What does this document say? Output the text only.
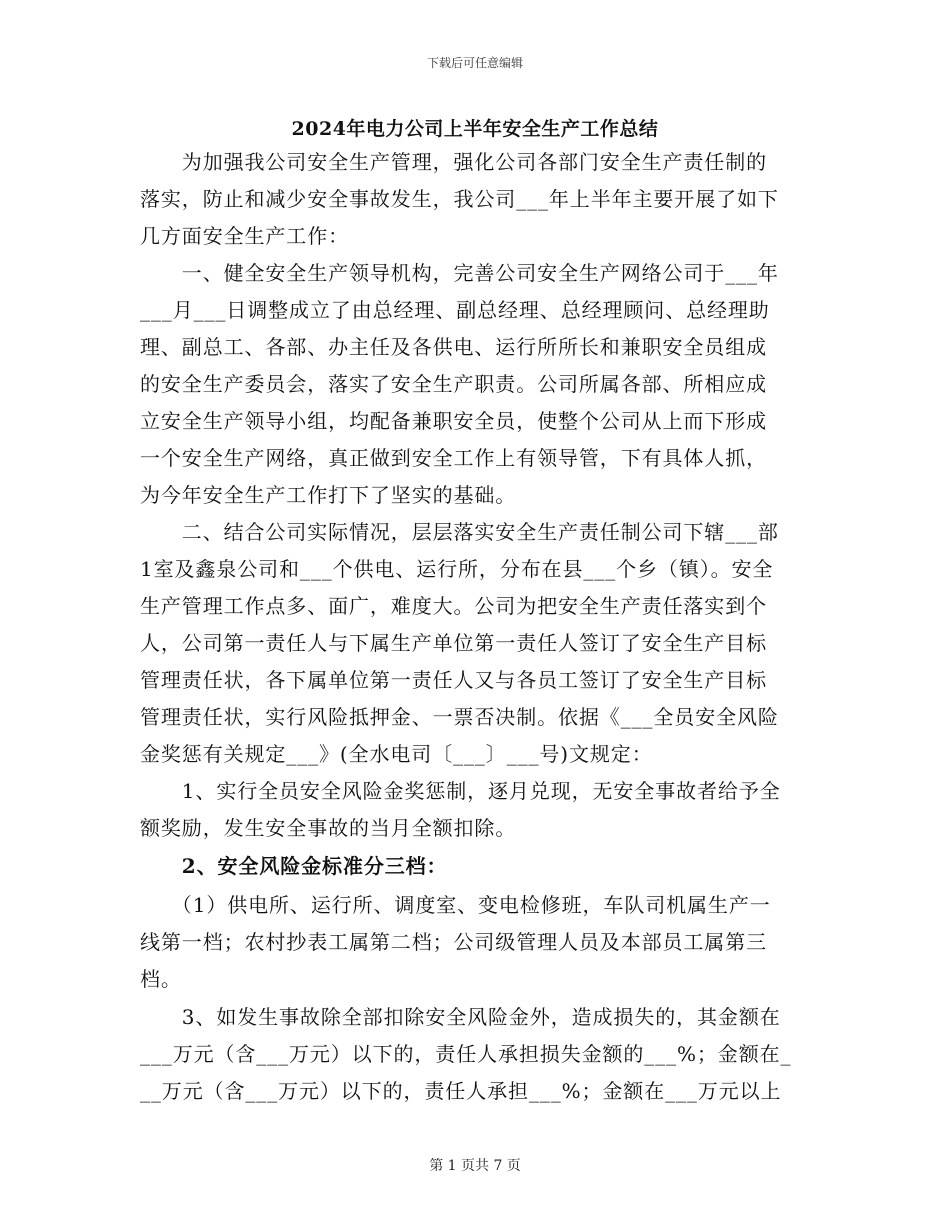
下载后可任意编辑
2024年电力公司上半年安全生产工作总结
　　为加强我公司安全生产管理，强化公司各部门安全生产责任制的
落实，防止和减少安全事故发生，我公司___年上半年主要开展了如下
几方面安全生产工作：
　　一、健全安全生产领导机构，完善公司安全生产网络公司于___年
___月___日调整成立了由总经理、副总经理、总经理顾问、总经理助
理、副总工、各部、办主任及各供电、运行所所长和兼职安全员组成
的安全生产委员会，落实了安全生产职责。公司所属各部、所相应成
立安全生产领导小组，均配备兼职安全员，使整个公司从上而下形成
一个安全生产网络，真正做到安全工作上有领导管，下有具体人抓，
为今年安全生产工作打下了坚实的基础。
　　二、结合公司实际情况，层层落实安全生产责任制公司下辖___部
1室及鑫泉公司和___个供电、运行所，分布在县___个乡（镇）。安全
生产管理工作点多、面广，难度大。公司为把安全生产责任落实到个
人，公司第一责任人与下属生产单位第一责任人签订了安全生产目标
管理责任状，各下属单位第一责任人又与各员工签订了安全生产目标
管理责任状，实行风险抵押金、一票否决制。依据《___全员安全风险
金奖惩有关规定___》(全水电司〔___〕___号)文规定：
　　1、实行全员安全风险金奖惩制，逐月兑现，无安全事故者给予全
额奖励，发生安全事故的当月全额扣除。
　　2、安全风险金标准分三档：
　　（1）供电所、运行所、调度室、变电检修班，车队司机属生产一
线第一档；农村抄表工属第二档；公司级管理人员及本部员工属第三
档。
　　3、如发生事故除全部扣除安全风险金外，造成损失的，其金额在
___万元（含___万元）以下的，责任人承担损失金额的___%；金额在_
__万元（含___万元）以下的，责任人承担___%；金额在___万元以上
第 1 页共 7 页
